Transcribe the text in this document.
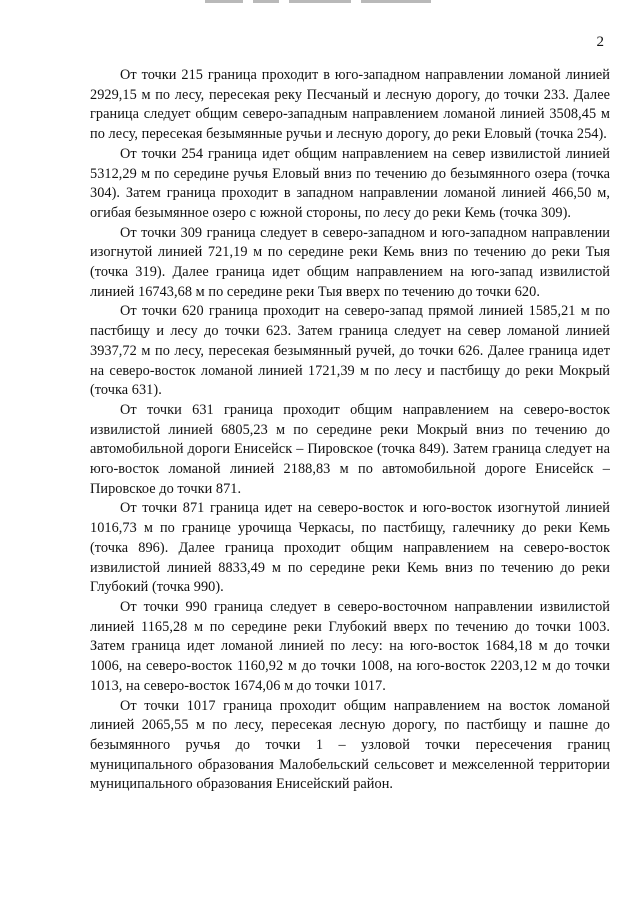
2

От точки 215 граница проходит в юго-западном направлении ломаной линией 2929,15 м по лесу, пересекая реку Песчаный и лесную дорогу, до точки 233. Далее граница следует общим северо-западным направлением ломаной линией 3508,45 м по лесу, пересекая безымянные ручьи и лесную дорогу, до реки Еловый (точка 254).

От точки 254 граница идет общим направлением на север извилистой линией 5312,29 м по середине ручья Еловый вниз по течению до безымянного озера (точка 304). Затем граница проходит в западном направлении ломаной линией 466,50 м, огибая безымянное озеро с южной стороны, по лесу до реки Кемь (точка 309).

От точки 309 граница следует в северо-западном и юго-западном направлении изогнутой линией 721,19 м по середине реки Кемь вниз по течению до реки Тыя (точка 319). Далее граница идет общим направлением на юго-запад извилистой линией 16743,68 м по середине реки Тыя вверх по течению до точки 620.

От точки 620 граница проходит на северо-запад прямой линией 1585,21 м по пастбищу и лесу до точки 623. Затем граница следует на север ломаной линией 3937,72 м по лесу, пересекая безымянный ручей, до точки 626. Далее граница идет на северо-восток ломаной линией 1721,39 м по лесу и пастбищу до реки Мокрый (точка 631).

От точки 631 граница проходит общим направлением на северо-восток извилистой линией 6805,23 м по середине реки Мокрый вниз по течению до автомобильной дороги Енисейск – Пировское (точка 849). Затем граница следует на юго-восток ломаной линией 2188,83 м по автомобильной дороге Енисейск – Пировское до точки 871.

От точки 871 граница идет на северо-восток и юго-восток изогнутой линией 1016,73 м по границе урочища Черкасы, по пастбищу, галечнику до реки Кемь (точка 896). Далее граница проходит общим направлением на северо-восток извилистой линией 8833,49 м по середине реки Кемь вниз по течению до реки Глубокий (точка 990).

От точки 990 граница следует в северо-восточном направлении извилистой линией 1165,28 м по середине реки Глубокий вверх по течению до точки 1003. Затем граница идет ломаной линией по лесу: на юго-восток 1684,18 м до точки 1006, на северо-восток 1160,92 м до точки 1008, на юго-восток 2203,12 м до точки 1013, на северо-восток 1674,06 м до точки 1017.

От точки 1017 граница проходит общим направлением на восток ломаной линией 2065,55 м по лесу, пересекая лесную дорогу, по пастбищу и пашне до безымянного ручья до точки 1 – узловой точки пересечения границ муниципального образования Малобельский сельсовет и межселенной территории муниципального образования Енисейский район.
